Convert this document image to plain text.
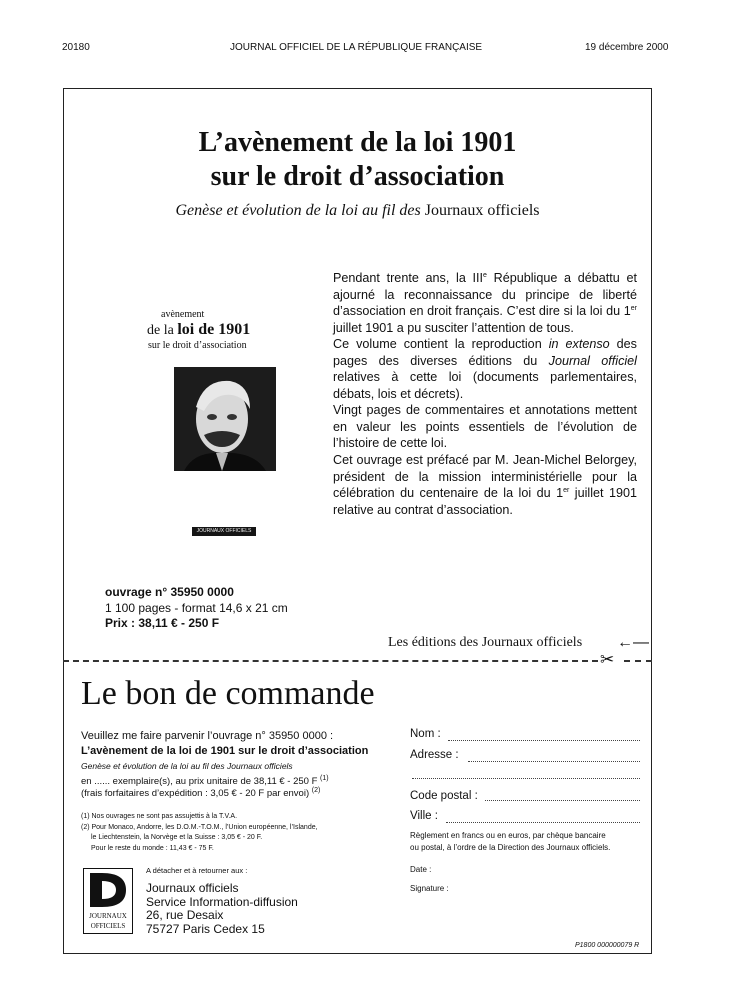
20180	JOURNAL OFFICIEL DE LA RÉPUBLIQUE FRANÇAISE	19 décembre 2000
L’avènement de la loi 1901
sur le droit d’association
Genèse et évolution de la loi au fil des Journaux officiels
avènement
de la loi de 1901
sur le droit d’association
JOURNAUX OFFICIELS

Pendant trente ans, la IIIe République a débattu et ajourné la reconnaissance du principe de liberté d’association en droit français. C’est dire si la loi du 1er juillet 1901 a pu susciter l’attention de tous.

Ce volume contient la reproduction in extenso des pages des diverses éditions du Journal officiel relatives à cette loi (documents parlementaires, débats, lois et décrets).

Vingt pages de commentaires et annotations mettent en valeur les points essentiels de l’évolution de l’histoire de cette loi.

Cet ouvrage est préfacé par M. Jean-Michel Belorgey, président de la mission interministérielle pour la célébration du centenaire de la loi du 1er juillet 1901 relative au contrat d’association.

ouvrage n° 35950 0000
1 100 pages - format 14,6 x 21 cm
Prix : 38,11 € - 250 F
Les éditions des Journaux officiels ←—
✂
Le bon de commande
Veuillez me faire parvenir l’ouvrage n° 35950 0000 :
L’avènement de la loi de 1901 sur le droit d’association
Genèse et évolution de la loi au fil des Journaux officiels
en ...... exemplaire(s), au prix unitaire de 38,11 € - 250 F $^{(1)}$
(frais forfaitaires d’expédition : 3,05 € - 20 F par envoi) $^{(2)}$
(1) Nos ouvrages ne sont pas assujettis à la T.V.A.
(2) Pour Monaco, Andorre, les D.O.M.-T.O.M., l’Union européenne, l’Islande,
le Liechtenstein, la Norvège et la Suisse : 3,05 € - 20 F.
Pour le reste du monde : 11,43 € - 75 F.
JOURNAUX
OFFICIELS
A détacher et à retourner aux :
Journaux officiels
Service Information-diffusion
26, rue Desaix
75727 Paris Cedex 15
Nom :
Adresse :
Code postal :
Ville :
Règlement en francs ou en euros, par chèque bancaire
ou postal, à l’ordre de la Direction des Journaux officiels.
Date :
Signature :
P1800 000000079 R
